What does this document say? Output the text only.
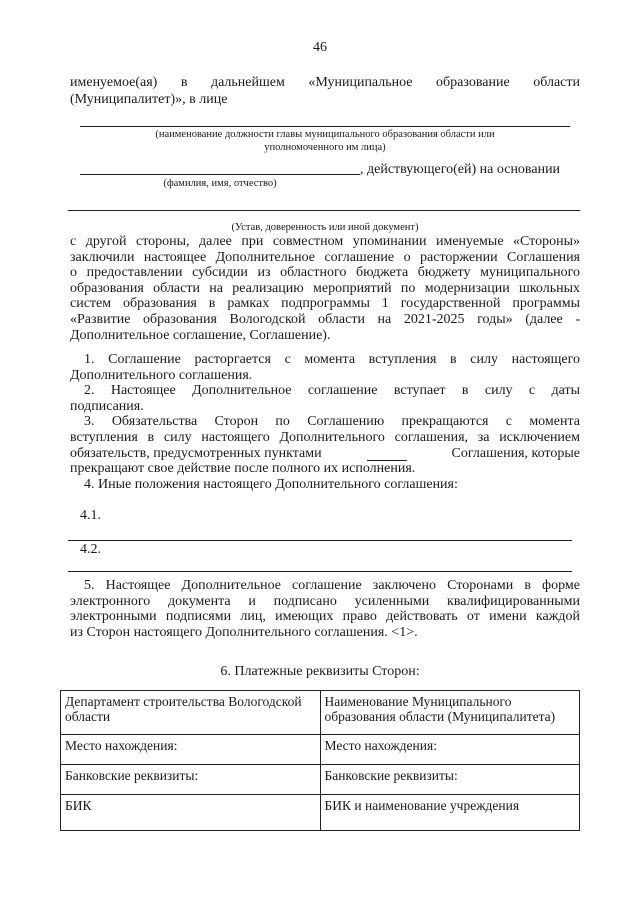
46
именуемое(ая) в дальнейшем «Муниципальное образование области
(Муниципалитет)», в лице
(наименование должности главы муниципального образования области или
уполномоченного им лица)
, действующего(ей) на основании
(фамилия, имя, отчество)
(Устав, доверенность или иной документ)
с другой стороны, далее при совместном упоминании именуемые «Стороны»
заключили настоящее Дополнительное соглашение о расторжении Соглашения
о предоставлении субсидии из областного бюджета бюджету муниципального
образования области на реализацию мероприятий по модернизации школьных
систем образования в рамках подпрограммы 1 государственной программы
«Развитие образования Вологодской области на 2021-2025 годы» (далее -
Дополнительное соглашение, Соглашение).
1. Соглашение расторгается с момента вступления в силу настоящего
Дополнительного соглашения.
2. Настоящее Дополнительное соглашение вступает в силу с даты
подписания.
3. Обязательства Сторон по Соглашению прекращаются с момента
вступления в силу настоящего Дополнительного соглашения, за исключением
обязательств, предусмотренных пунктами	Соглашения, которые
прекращают свое действие после полного их исполнения.
4. Иные положения настоящего Дополнительного соглашения:
4.1.
4.2.
5. Настоящее Дополнительное соглашение заключено Сторонами в форме
электронного документа и подписано усиленными квалифицированными
электронными подписями лиц, имеющих право действовать от имени каждой
из Сторон настоящего Дополнительного соглашения. <1>.
6. Платежные реквизиты Сторон:
Департамент строительства Вологодской области	Наименование Муниципального образования области (Муниципалитета)
Место нахождения:	Место нахождения:
Банковские реквизиты:	Банковские реквизиты:
БИК	БИК и наименование учреждения
